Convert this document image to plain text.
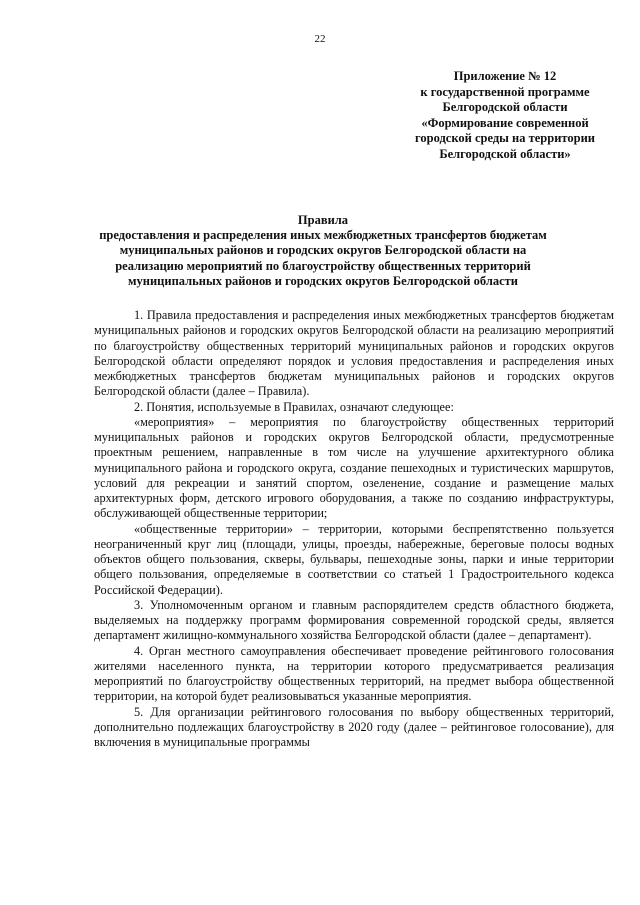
22
Приложение № 12
к государственной программе
Белгородской области
«Формирование современной
городской среды на территории
Белгородской области»
Правила
предоставления и распределения иных межбюджетных трансфертов бюджетам
муниципальных районов и городских округов Белгородской области на
реализацию мероприятий по благоустройству общественных территорий
муниципальных районов и городских округов Белгородской области

1. Правила предоставления и распределения иных межбюджетных трансфертов бюджетам муниципальных районов и городских округов Белгородской области на реализацию мероприятий по благоустройству общественных территорий муниципальных районов и городских округов Белгородской области определяют порядок и условия предоставления и распределения иных межбюджетных трансфертов бюджетам муниципальных районов и городских округов Белгородской области (далее – Правила).

2. Понятия, используемые в Правилах, означают следующее:

«мероприятия» – мероприятия по благоустройству общественных территорий муниципальных районов и городских округов Белгородской области, предусмотренные проектным решением, направленные в том числе на улучшение архитектурного облика муниципального района и городского округа, создание пешеходных и туристических маршрутов, условий для рекреации и занятий спортом, озеленение, создание и размещение малых архитектурных форм, детского игрового оборудования, а также по созданию инфраструктуры, обслуживающей общественные территории;

«общественные территории» – территории, которыми беспрепятственно пользуется неограниченный круг лиц (площади, улицы, проезды, набережные, береговые полосы водных объектов общего пользования, скверы, бульвары, пешеходные зоны, парки и иные территории общего пользования, определяемые в соответствии со статьей 1 Градостроительного кодекса Российской Федерации).

3. Уполномоченным органом и главным распорядителем средств областного бюджета, выделяемых на поддержку программ формирования современной городской среды, является департамент жилищно-коммунального хозяйства Белгородской области (далее – департамент).

4. Орган местного самоуправления обеспечивает проведение рейтингового голосования жителями населенного пункта, на территории которого предусматривается реализация мероприятий по благоустройству общественных территорий, на предмет выбора общественной территории, на которой будет реализовываться указанные мероприятия.

5. Для организации рейтингового голосования по выбору общественных территорий, дополнительно подлежащих благоустройству в 2020 году (далее – рейтинговое голосование), для включения в муниципальные программы
